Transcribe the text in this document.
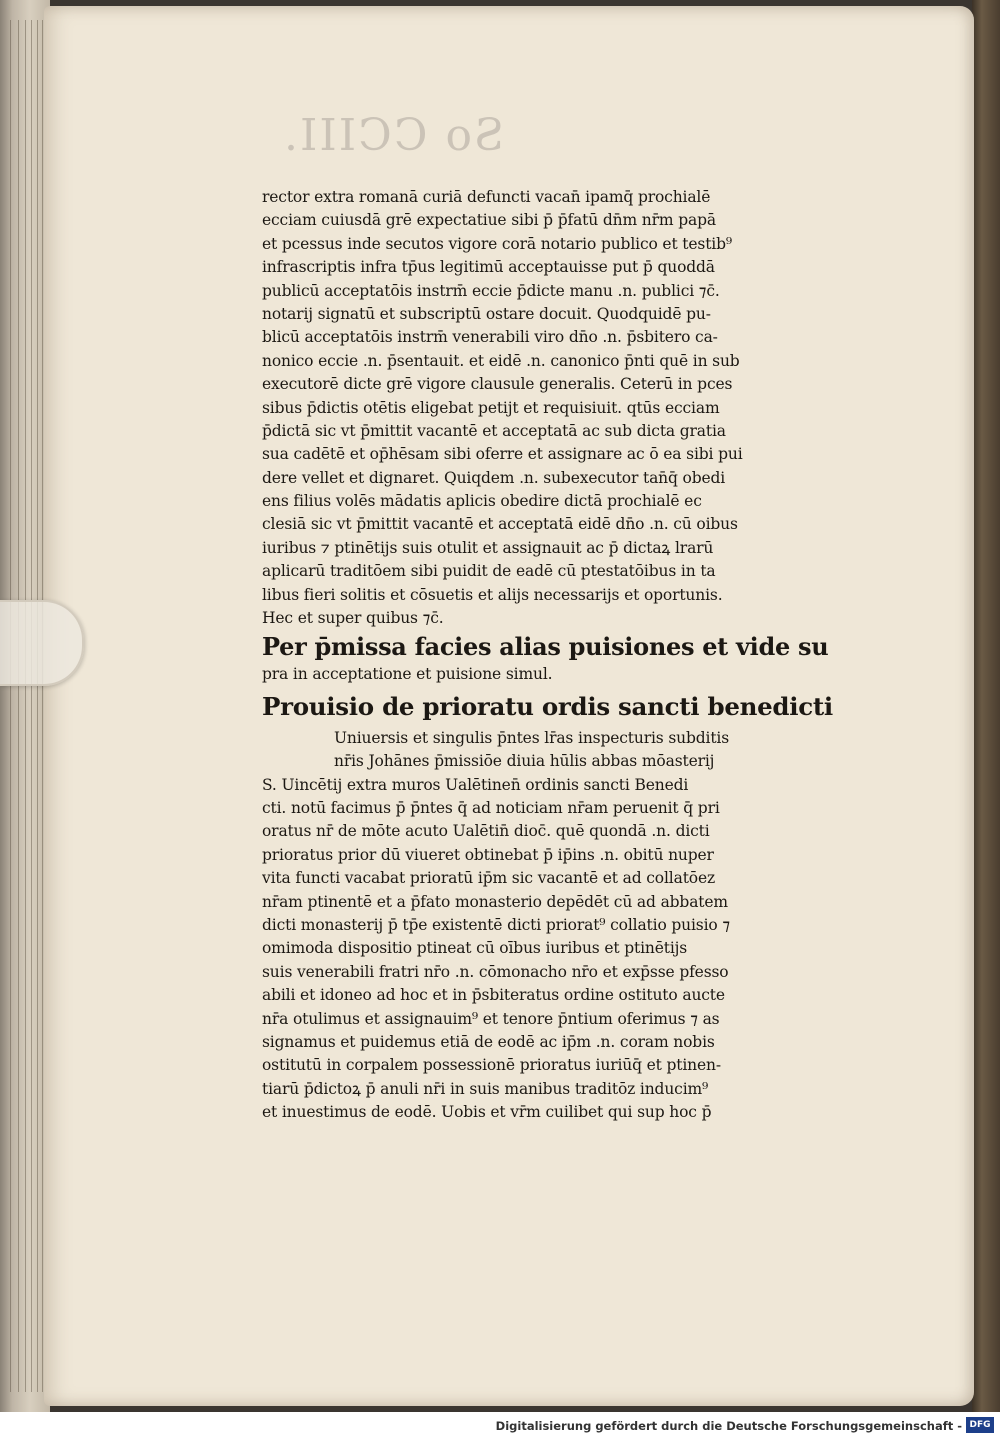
So CCIII.
rector extra romanā curiā defuncti vacan̄ ipamq̄ prochialē
ecciam cuiusdā grē expectatiue sibi p̄ p̄fatū dn̄m nr̄m papā
et pcessus inde secutos vigore corā notario publico et testib⁹
infrascriptis infra tp̄us legitimū acceptauisse put p̄ quoddā
publicū acceptatōis instrm̄ eccie p̄dicte manu .n. publici ⁊c̄.
notarij signatū et subscriptū ostare docuit. Quodquidē pu-
blicū acceptatōis instrm̄ venerabili viro dn̄o .n. p̄sbitero ca-
nonico eccie .n. p̄sentauit. et eidē .n. canonico p̄nti quē in sub
executorē dicte grē vigore clausule generalis. Ceterū in pces
sibus p̄dictis otētis eligebat petijt et requisiuit. qtūs ecciam
p̄dictā sic vt p̄mittit vacantē et acceptatā ac sub dicta gratia
sua cadētē et op̄hēsam sibi oferre et assignare ac ō ea sibi pui
dere vellet et dignaret. Quiqdem .n. subexecutor tan̄q̄ obedi
ens filius volēs mādatis aplicis obedire dictā prochialē ec
clesiā sic vt p̄mittit vacantē et acceptatā eidē dn̄o .n. cū oibus
iuribus ⁊ ptinētijs suis otulit et assignauit ac p̄ dictaꝝ lrarū
aplicarū traditōem sibi puidit de eadē cū ptestatōibus in ta
libus fieri solitis et cōsuetis et alijs necessarijs et oportunis.
Hec et super quibus ⁊c̄.
Per p̄missa facies alias puisiones et vide su
pra in acceptatione et puisione simul.
Prouisio de prioratu ordis sancti benedicti
Uniuersis et singulis p̄ntes lr̄as inspecturis subditis
nr̄is Johānes p̄missiōe diuia hūlis abbas mōasterij
S. Uincētij extra muros Ualētinen̄ ordinis sancti Benedi
cti. notū facimus p̄ p̄ntes q̄ ad noticiam nr̄am peruenit q̄ pri
oratus nr̄ de mōte acuto Ualētin̄ dioc̄. quē quondā .n. dicti
prioratus prior dū viueret obtinebat p̄ ip̄ins .n. obitū nuper
vita functi vacabat prioratū ip̄m sic vacantē et ad collatōez
nr̄am ptinentē et a p̄fato monasterio depēdēt cū ad abbatem
dicti monasterij p̄ tp̄e existentē dicti priorat⁹ collatio puisio ⁊
omimoda dispositio ptineat cū oībus iuribus et ptinētijs
suis venerabili fratri nr̄o .n. cōmonacho nr̄o et exp̄sse pfesso
abili et idoneo ad hoc et in p̄sbiteratus ordine ostituto aucte
nr̄a otulimus et assignauim⁹ et tenore p̄ntium oferimus ⁊ as
signamus et puidemus etiā de eodē ac ip̄m .n. coram nobis
ostitutū in corpalem possessionē prioratus iuriūq̄ et ptinen-
tiarū p̄dictoꝝ p̄ anuli nr̄i in suis manibus traditōz inducim⁹
et inuestimus de eodē. Uobis et vr̄m cuilibet qui sup hoc p̄
Digitalisierung gefördert durch die Deutsche Forschungsgemeinschaft - DFG
